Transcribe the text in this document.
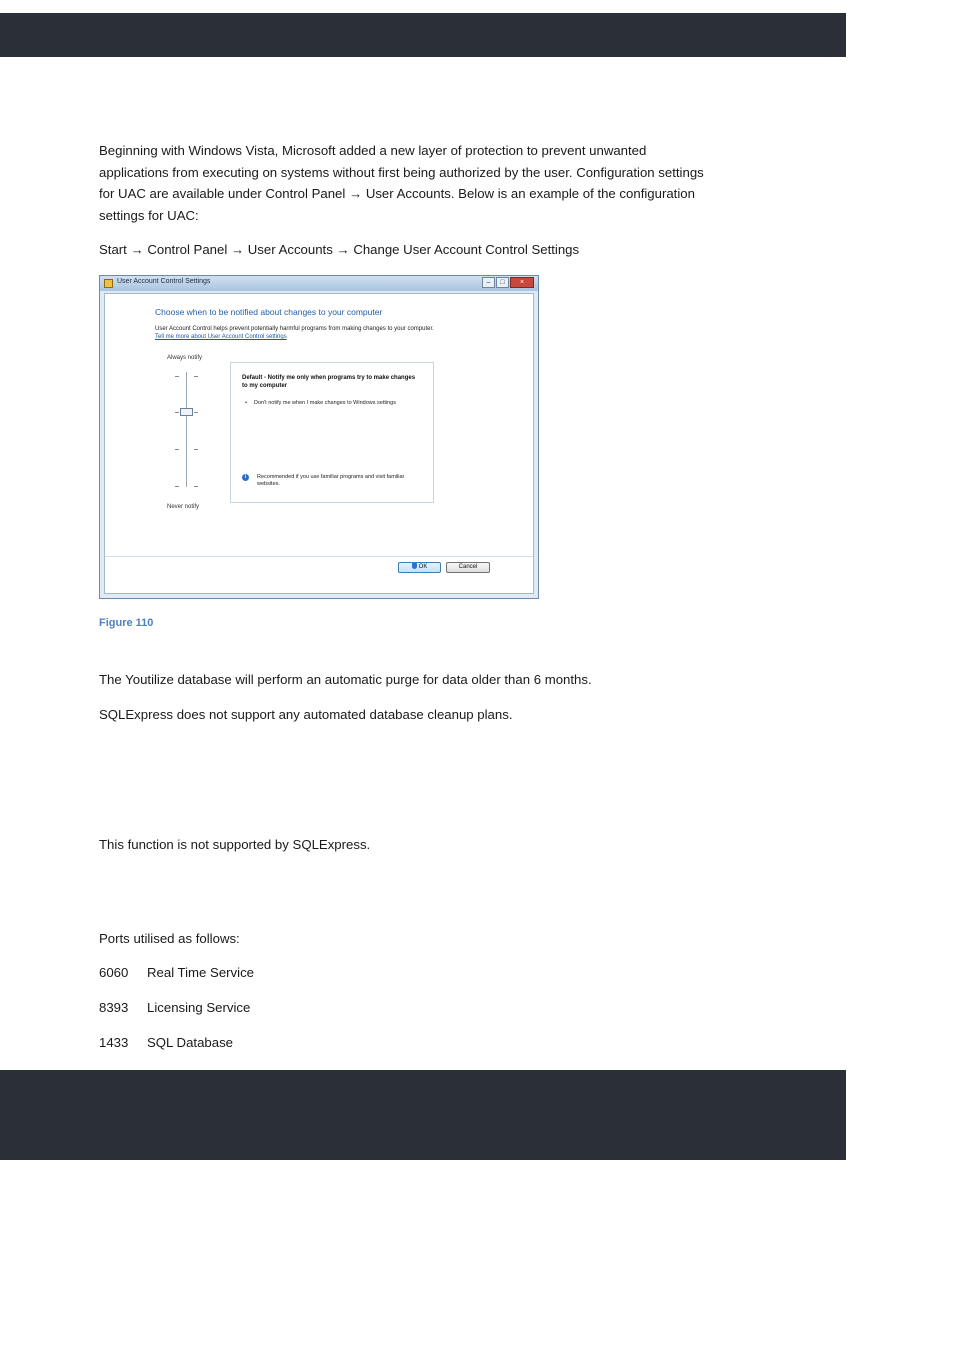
Beginning with Windows Vista, Microsoft added a new layer of protection to prevent unwanted applications from executing on systems without first being authorized by the user. Configuration settings for UAC are available under Control Panel → User Accounts. Below is an example of the configuration settings for UAC:

Start → Control Panel → User Accounts → Change User Account Control Settings

User Account Control Settings	–	□	×
Choose when to be notified about changes to your computer
User Account Control helps prevent potentially harmful programs from making changes to your computer.
Tell me more about User Account Control settings
Always notify
Never notify
Default - Notify me only when programs try to make changes to my computer
• Don't notify me when I make changes to Windows settings
i	Recommended if you use familiar programs and visit familiar websites.
OK	Cancel
Figure 110

The Youtilize database will perform an automatic purge for data older than 6 months.

SQLExpress does not support any automated database cleanup plans.

This function is not supported by SQLExpress.

Ports utilised as follows:

6060 Real Time Service
8393 Licensing Service
1433 SQL Database
